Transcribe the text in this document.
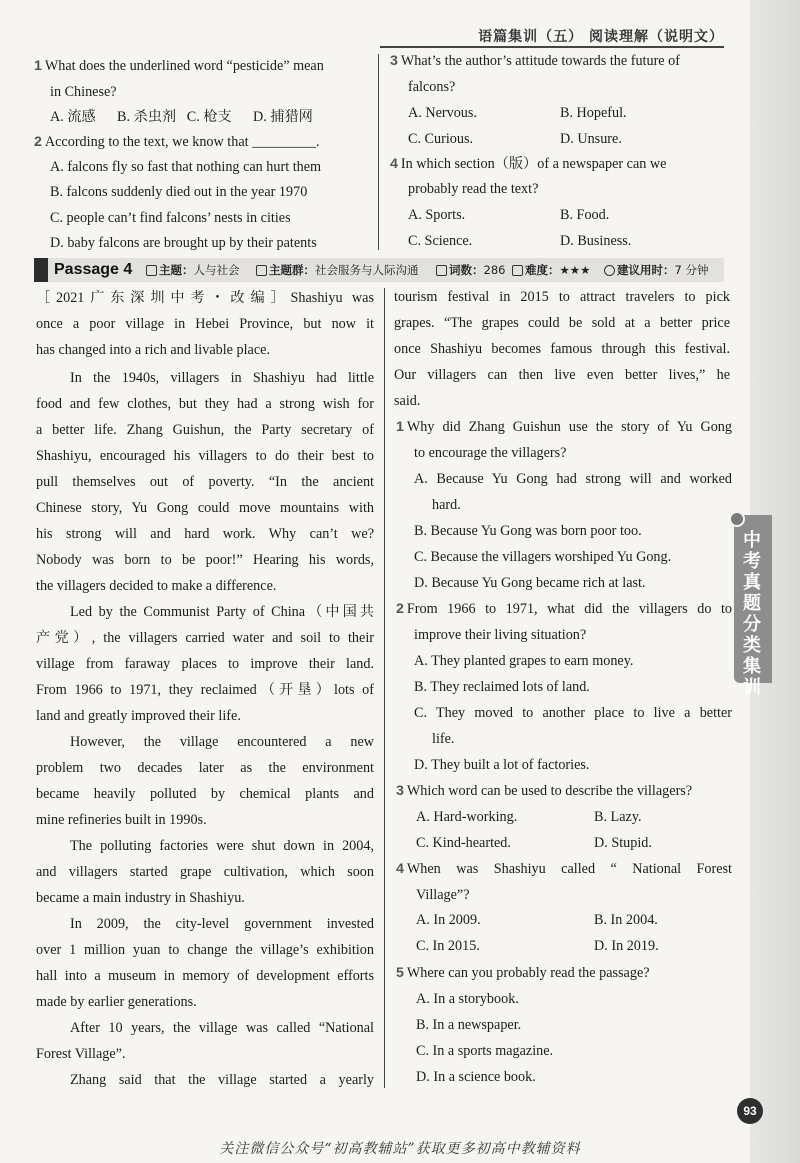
中考真题分类集训
语篇集训（五） 阅读理解（说明文）
1 What does the underlined word “pesticide” mean
in Chinese?
A. 流感      B. 杀虫剂   C. 枪支      D. 捕猎网
2 According to the text, we know that _________.
A. falcons fly so fast that nothing can hurt them
B. falcons suddenly died out in the year 1970
C. people can’t find falcons’ nests in cities
D. baby falcons are brought up by their patents
3 What’s the author’s attitude towards the future of
falcons?
A. Nervous.	B. Hopeful.
C. Curious.	D. Unsure.
4 In which section（版）of a newspaper can we
probably read the text?
A. Sports.	B. Food.
C. Science.	D. Business.
Passage 4	主题：人与社会	主题群：社会服务与人际沟通	词数：286	难度：★★★	建议用时：7 分钟
［2021广东深圳中考・改编］Shashiyu was
once a poor village in Hebei Province, but now it
has changed into a rich and livable place.
In the 1940s, villagers in Shashiyu had little
food and few clothes, but they had a strong wish for
a better life. Zhang Guishun, the Party secretary of
Shashiyu, encouraged his villagers to do their best to
pull themselves out of poverty. “In the ancient
Chinese story, Yu Gong could move mountains with
his strong will and hard work. Why can’t we?
Nobody was born to be poor!” Hearing his words,
the villagers decided to make a difference.
Led by the Communist Party of China（中国共
产党）, the villagers carried water and soil to their
village from faraway places to improve their land.
From 1966 to 1971, they reclaimed（开垦）lots of
land and greatly improved their life.
However, the village encountered a new
problem two decades later as the environment
became heavily polluted by chemical plants and
mine refineries built in 1990s.
The polluting factories were shut down in 2004,
and villagers started grape cultivation, which soon
became a main industry in Shashiyu.
In 2009, the city-level government invested
over 1 million yuan to change the village’s exhibition
hall into a museum in memory of development efforts
made by earlier generations.
After 10 years, the village was called “National
Forest Village”.
Zhang said that the village started a yearly
tourism festival in 2015 to attract travelers to pick
grapes. “The grapes could be sold at a better price
once Shashiyu becomes famous through this festival.
Our villagers can then live even better lives,” he
said.
1 Why did Zhang Guishun use the story of Yu Gong
to encourage the villagers?
A. Because Yu Gong had strong will and worked
hard.
B. Because Yu Gong was born poor too.
C. Because the villagers worshiped Yu Gong.
D. Because Yu Gong became rich at last.
2 From 1966 to 1971, what did the villagers do to
improve their living situation?
A. They planted grapes to earn money.
B. They reclaimed lots of land.
C. They moved to another place to live a better
life.
D. They built a lot of factories.
3 Which word can be used to describe the villagers?
A. Hard-working.	B. Lazy.
C. Kind-hearted.	D. Stupid.
4 When was Shashiyu called “ National Forest
Village”?
A. In 2009.	B. In 2004.
C. In 2015.	D. In 2019.
5 Where can you probably read the passage?
A. In a storybook.
B. In a newspaper.
C. In a sports magazine.
D. In a science book.
93
关注微信公众号“初高教辅站”获取更多初高中教辅资料
